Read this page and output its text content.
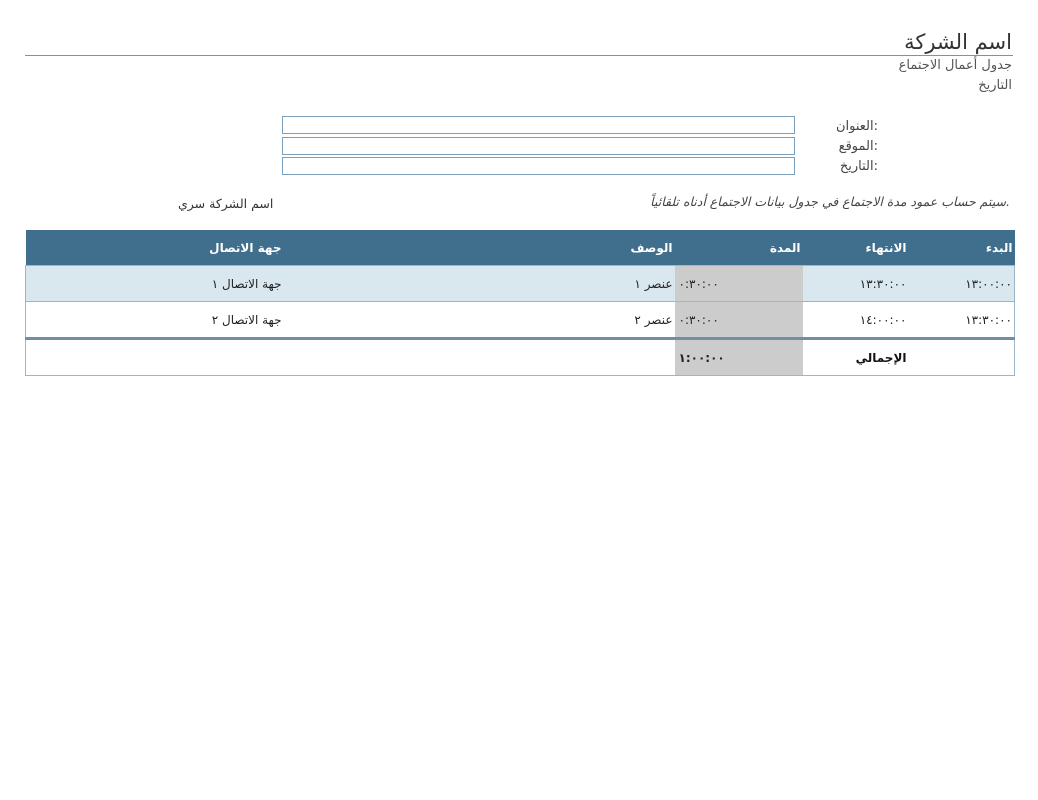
اسم الشركة
جدول أعمال الاجتماع
التاريخ
العنوان:
الموقع:
التاريخ:
سيتم حساب عمود مدة الاجتماع في جدول بيانات الاجتماع أدناه تلقائياً.
اسم الشركة سري
البدء	الانتهاء	المدة	الوصف	جهة الاتصال
١٣:٠٠:٠٠	١٣:٣٠:٠٠	٠:٣٠:٠٠	عنصر ١	جهة الاتصال ١
١٣:٣٠:٠٠	١٤:٠٠:٠٠	٠:٣٠:٠٠	عنصر ٢	جهة الاتصال ٢
	الإجمالي	١:٠٠:٠٠		
